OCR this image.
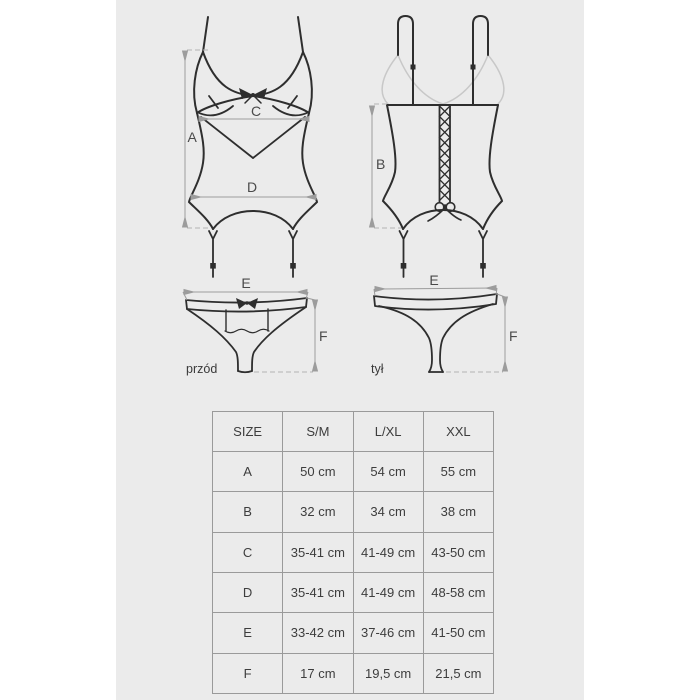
A
C
D
B
E
F
przód
E
F
tył
SIZE	S/M	L/XL	XXL
A	50 cm	54 cm	55 cm
B	32 cm	34 cm	38 cm
C	35-41 cm	41-49 cm	43-50 cm
D	35-41 cm	41-49 cm	48-58 cm
E	33-42 cm	37-46 cm	41-50 cm
F	17 cm	19,5 cm	21,5 cm
